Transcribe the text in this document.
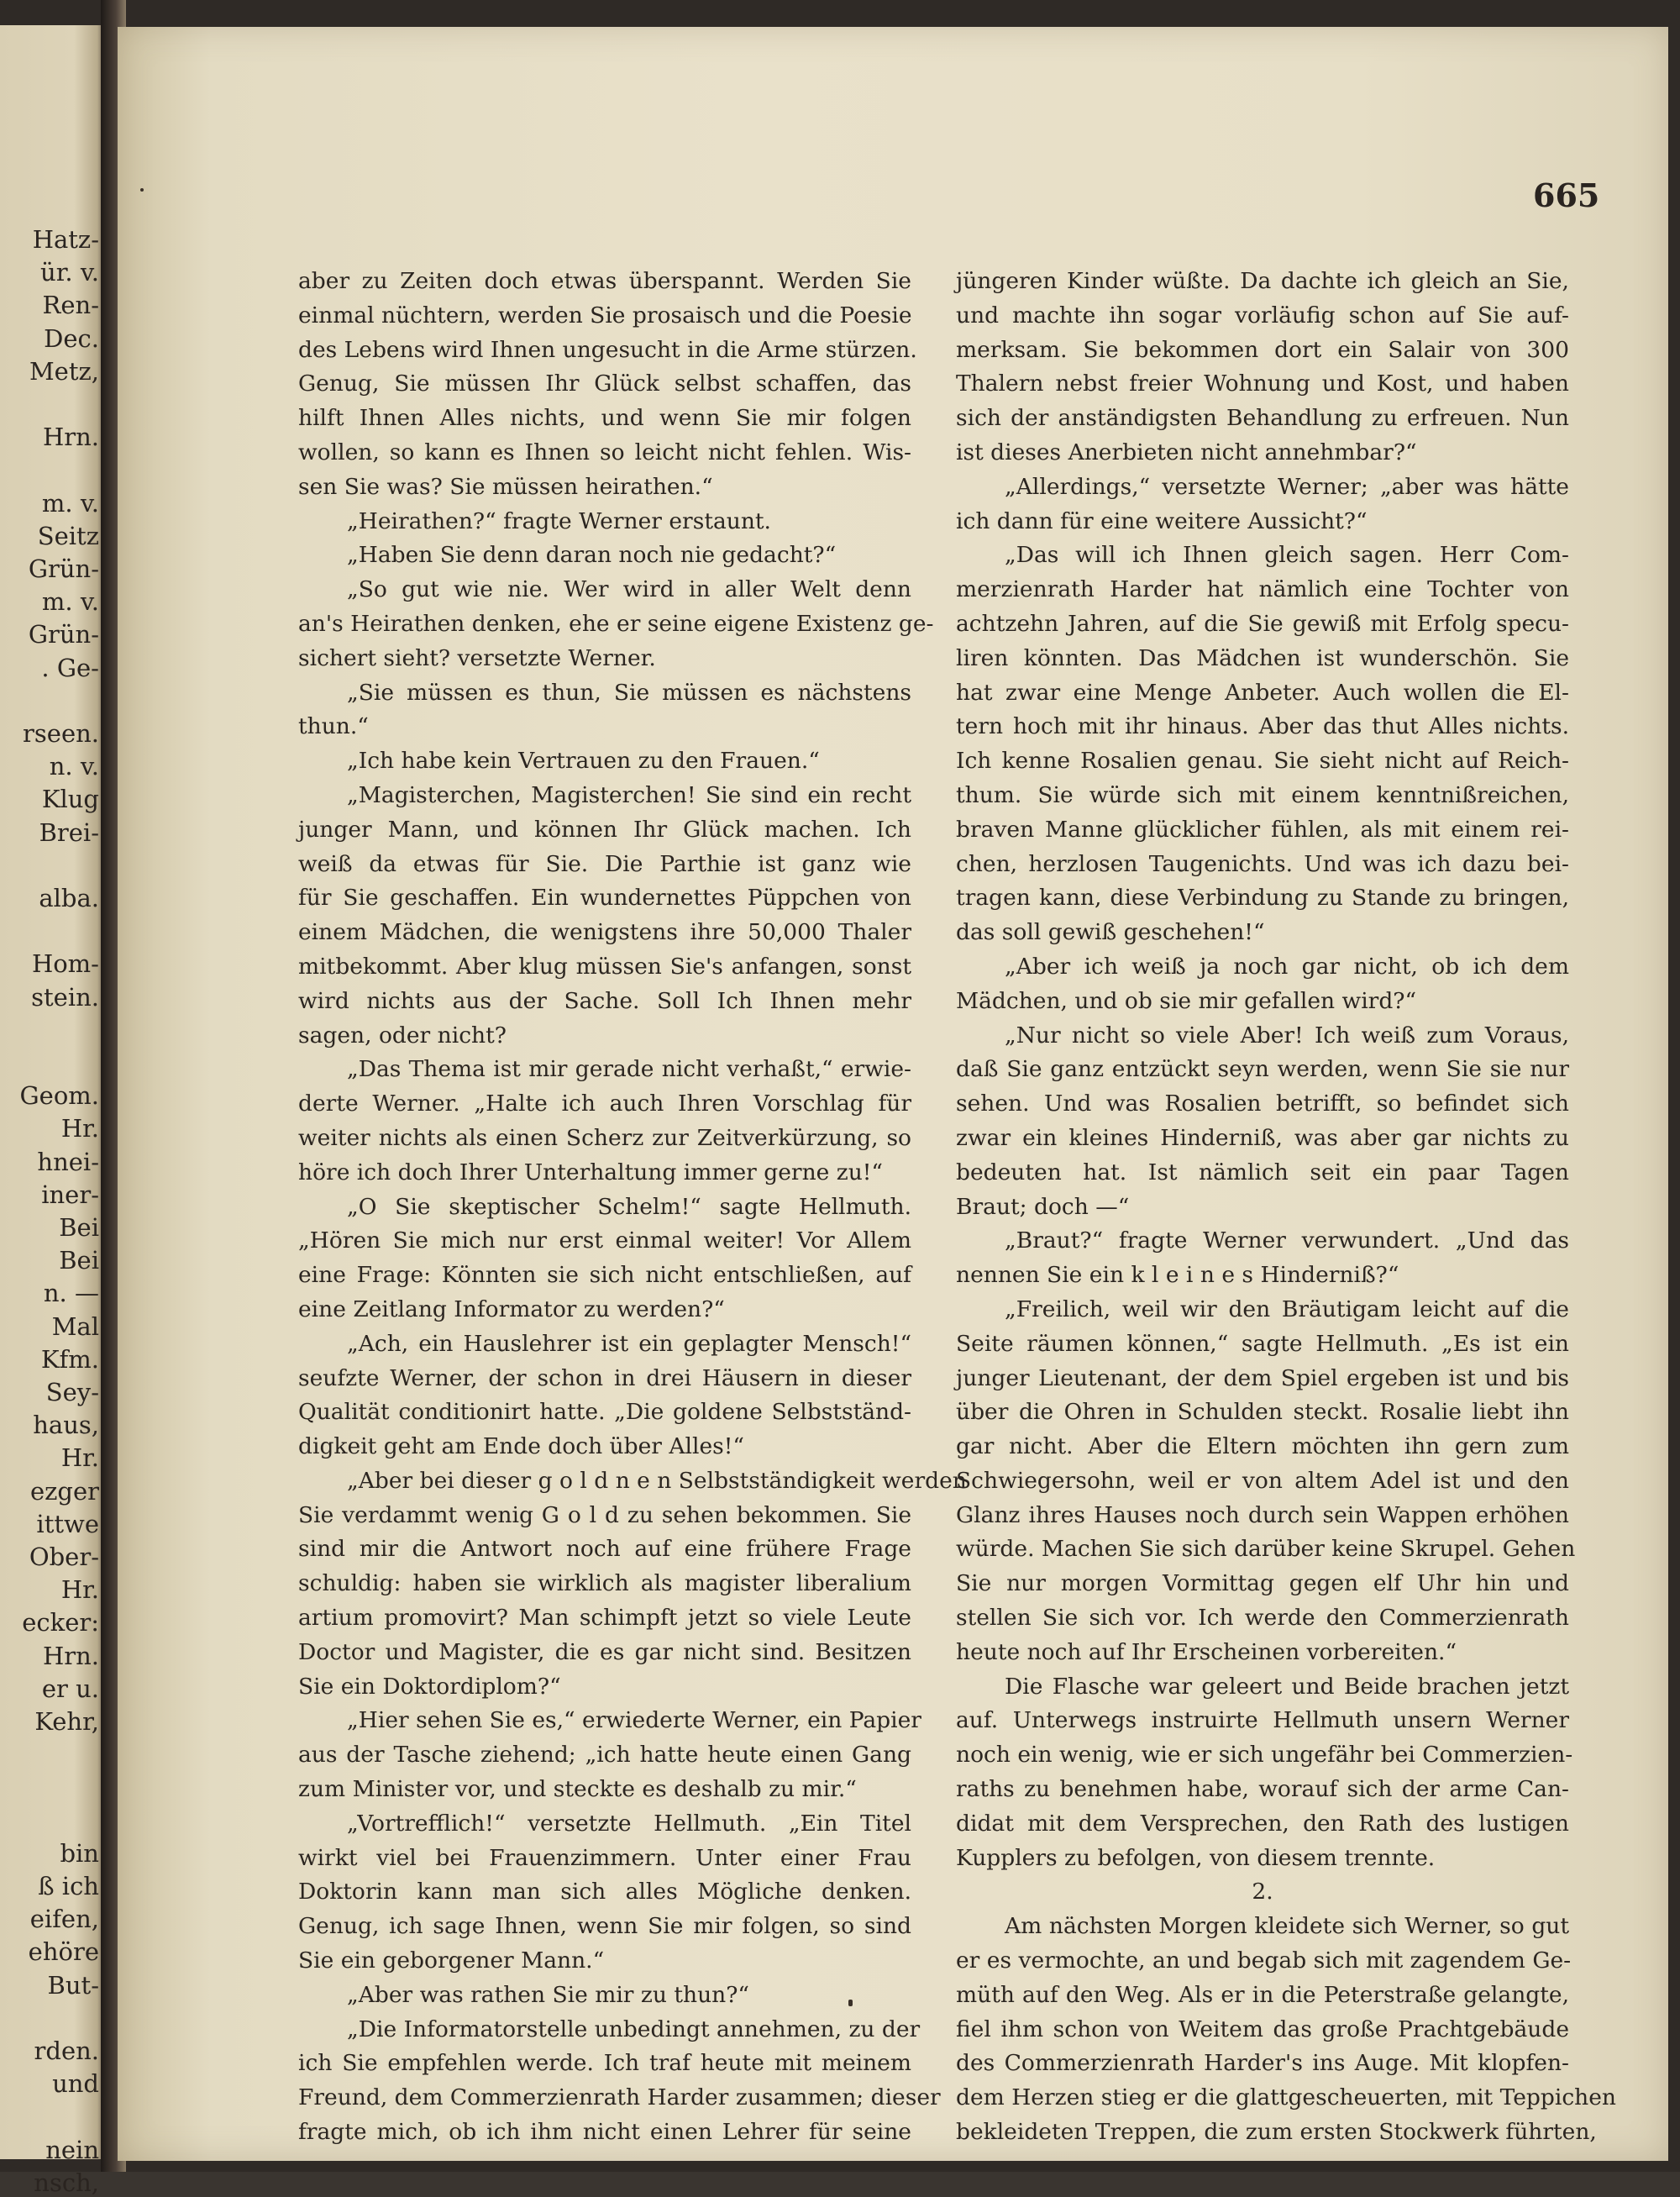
Hatz-

ür. v.

Ren-

Dec.

Metz,

Hrn.

m. v.

Seitz

Grün-

m. v.

Grün-

. Ge-

rseen.

n. v.

Klug

Brei-

alba.

Hom-

stein.

Geom.

Hr.

hnei-

iner-

Bei

Bei

n. —

Mal

Kfm.

Sey-

haus,

Hr.

ezger

ittwe

Ober-

Hr.

ecker:

Hrn.

er u.

Kehr,

bin

ß ich

eifen,

ehöre

But-

rden.

und

nein

nsch,

665

aber zu Zeiten doch etwas überspannt. Werden Sie

einmal nüchtern, werden Sie prosaisch und die Poesie

des Lebens wird Ihnen ungesucht in die Arme stürzen.

Genug, Sie müssen Ihr Glück selbst schaffen, das

hilft Ihnen Alles nichts, und wenn Sie mir folgen

wollen, so kann es Ihnen so leicht nicht fehlen. Wis-

sen Sie was? Sie müssen heirathen.“

„Heirathen?“ fragte Werner erstaunt.

„Haben Sie denn daran noch nie gedacht?“

„So gut wie nie. Wer wird in aller Welt denn

an's Heirathen denken, ehe er seine eigene Existenz ge-

sichert sieht? versetzte Werner.

„Sie müssen es thun, Sie müssen es nächstens

thun.“

„Ich habe kein Vertrauen zu den Frauen.“

„Magisterchen, Magisterchen! Sie sind ein recht

junger Mann, und können Ihr Glück machen. Ich

weiß da etwas für Sie. Die Parthie ist ganz wie

für Sie geschaffen. Ein wundernettes Püppchen von

einem Mädchen, die wenigstens ihre 50,000 Thaler

mitbekommt. Aber klug müssen Sie's anfangen, sonst

wird nichts aus der Sache. Soll Ich Ihnen mehr

sagen, oder nicht?

„Das Thema ist mir gerade nicht verhaßt,“ erwie-

derte Werner. „Halte ich auch Ihren Vorschlag für

weiter nichts als einen Scherz zur Zeitverkürzung, so

höre ich doch Ihrer Unterhaltung immer gerne zu!“

„O Sie skeptischer Schelm!“ sagte Hellmuth.

„Hören Sie mich nur erst einmal weiter! Vor Allem

eine Frage: Könnten sie sich nicht entschließen, auf

eine Zeitlang Informator zu werden?“

„Ach, ein Hauslehrer ist ein geplagter Mensch!“

seufzte Werner, der schon in drei Häusern in dieser

Qualität conditionirt hatte. „Die goldene Selbstständ-

digkeit geht am Ende doch über Alles!“

„Aber bei dieser g o l d n e n Selbstständigkeit werden

Sie verdammt wenig G o l d zu sehen bekommen. Sie

sind mir die Antwort noch auf eine frühere Frage

schuldig: haben sie wirklich als magister liberalium

artium promovirt? Man schimpft jetzt so viele Leute

Doctor und Magister, die es gar nicht sind. Besitzen

Sie ein Doktordiplom?“

„Hier sehen Sie es,“ erwiederte Werner, ein Papier

aus der Tasche ziehend; „ich hatte heute einen Gang

zum Minister vor, und steckte es deshalb zu mir.“

„Vortrefflich!“ versetzte Hellmuth. „Ein Titel

wirkt viel bei Frauenzimmern. Unter einer Frau

Doktorin kann man sich alles Mögliche denken.

Genug, ich sage Ihnen, wenn Sie mir folgen, so sind

Sie ein geborgener Mann.“

„Aber was rathen Sie mir zu thun?“

„Die Informatorstelle unbedingt annehmen, zu der

ich Sie empfehlen werde. Ich traf heute mit meinem

Freund, dem Commerzienrath Harder zusammen; dieser

fragte mich, ob ich ihm nicht einen Lehrer für seine

jüngeren Kinder wüßte. Da dachte ich gleich an Sie,

und machte ihn sogar vorläufig schon auf Sie auf-

merksam. Sie bekommen dort ein Salair von 300

Thalern nebst freier Wohnung und Kost, und haben

sich der anständigsten Behandlung zu erfreuen. Nun

ist dieses Anerbieten nicht annehmbar?“

„Allerdings,“ versetzte Werner; „aber was hätte

ich dann für eine weitere Aussicht?“

„Das will ich Ihnen gleich sagen. Herr Com-

merzienrath Harder hat nämlich eine Tochter von

achtzehn Jahren, auf die Sie gewiß mit Erfolg specu-

liren könnten. Das Mädchen ist wunderschön. Sie

hat zwar eine Menge Anbeter. Auch wollen die El-

tern hoch mit ihr hinaus. Aber das thut Alles nichts.

Ich kenne Rosalien genau. Sie sieht nicht auf Reich-

thum. Sie würde sich mit einem kenntnißreichen,

braven Manne glücklicher fühlen, als mit einem rei-

chen, herzlosen Taugenichts. Und was ich dazu bei-

tragen kann, diese Verbindung zu Stande zu bringen,

das soll gewiß geschehen!“

„Aber ich weiß ja noch gar nicht, ob ich dem

Mädchen, und ob sie mir gefallen wird?“

„Nur nicht so viele Aber! Ich weiß zum Voraus,

daß Sie ganz entzückt seyn werden, wenn Sie sie nur

sehen. Und was Rosalien betrifft, so befindet sich

zwar ein kleines Hinderniß, was aber gar nichts zu

bedeuten hat. Ist nämlich seit ein paar Tagen

Braut; doch —“

„Braut?“ fragte Werner verwundert. „Und das

nennen Sie ein k l e i n e s Hinderniß?“

„Freilich, weil wir den Bräutigam leicht auf die

Seite räumen können,“ sagte Hellmuth. „Es ist ein

junger Lieutenant, der dem Spiel ergeben ist und bis

über die Ohren in Schulden steckt. Rosalie liebt ihn

gar nicht. Aber die Eltern möchten ihn gern zum

Schwiegersohn, weil er von altem Adel ist und den

Glanz ihres Hauses noch durch sein Wappen erhöhen

würde. Machen Sie sich darüber keine Skrupel. Gehen

Sie nur morgen Vormittag gegen elf Uhr hin und

stellen Sie sich vor. Ich werde den Commerzienrath

heute noch auf Ihr Erscheinen vorbereiten.“

Die Flasche war geleert und Beide brachen jetzt

auf. Unterwegs instruirte Hellmuth unsern Werner

noch ein wenig, wie er sich ungefähr bei Commerzien-

raths zu benehmen habe, worauf sich der arme Can-

didat mit dem Versprechen, den Rath des lustigen

Kupplers zu befolgen, von diesem trennte.

2.

Am nächsten Morgen kleidete sich Werner, so gut

er es vermochte, an und begab sich mit zagendem Ge-

müth auf den Weg. Als er in die Peterstraße gelangte,

fiel ihm schon von Weitem das große Prachtgebäude

des Commerzienrath Harder's ins Auge. Mit klopfen-

dem Herzen stieg er die glattgescheuerten, mit Teppichen

bekleideten Treppen, die zum ersten Stockwerk führten,
